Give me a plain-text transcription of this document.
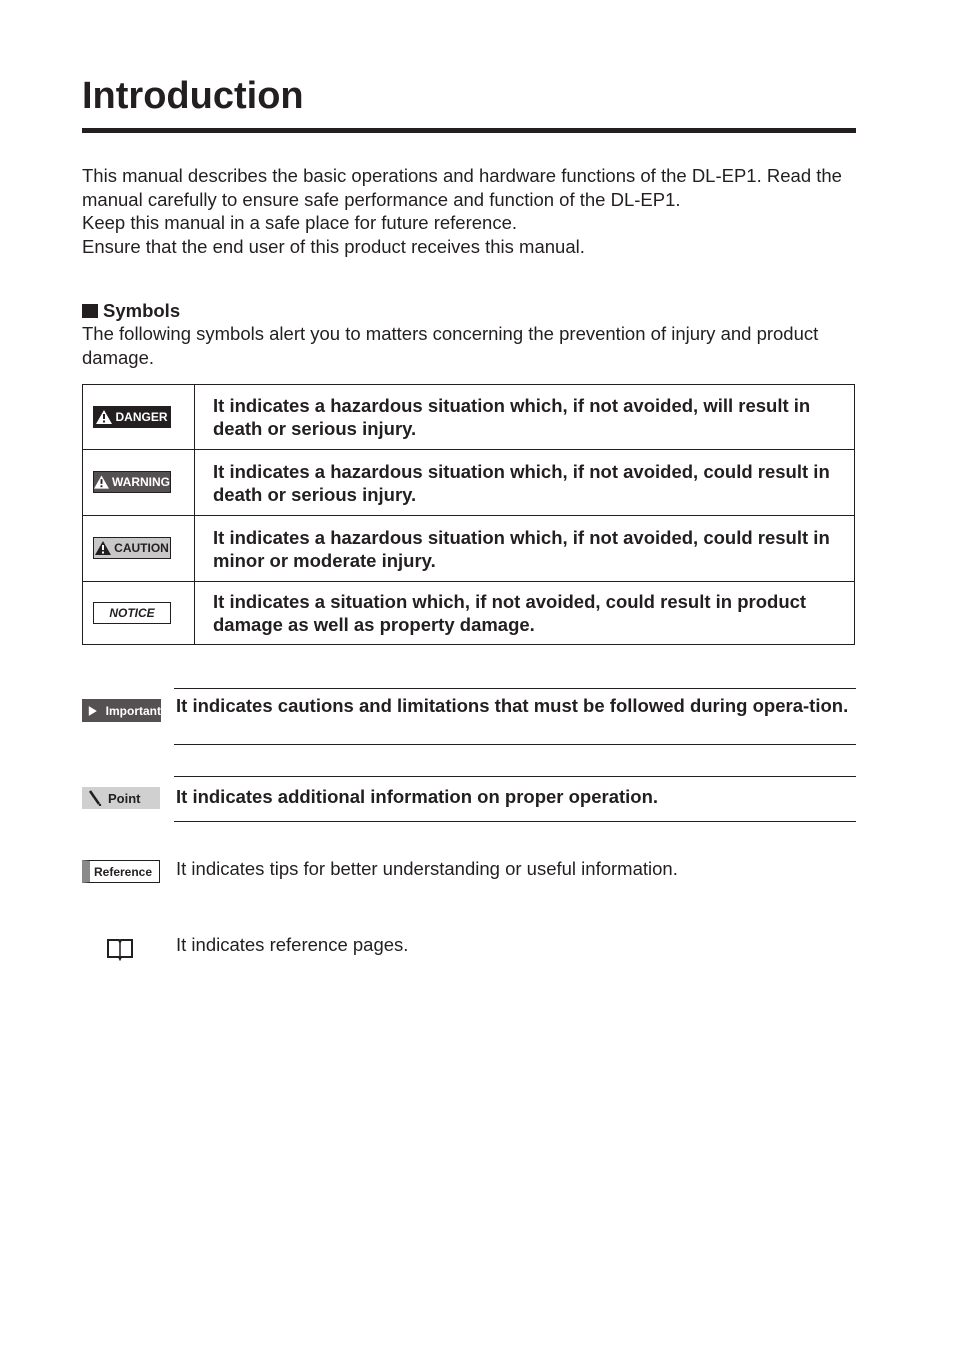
Introduction

This manual describes the basic operations and hardware functions of the DL-EP1. Read the manual carefully to ensure safe performance and function of the DL-EP1.

Keep this manual in a safe place for future reference.

Ensure that the end user of this product receives this manual.

Symbols
The following symbols alert you to matters concerning the prevention of injury and product damage.
DANGER	It indicates a hazardous situation which, if not avoided, will result in death or serious injury.

WARNING	It indicates a hazardous situation which, if not avoided, could result in death or serious injury.

CAUTION	It indicates a hazardous situation which, if not avoided, could result in minor or moderate injury.

NOTICE	It indicates a situation which, if not avoided, could result in product damage as well as property damage.
Important It indicates cautions and limitations that must be followed during opera-tion.
Point It indicates additional information on proper operation.
Reference It indicates tips for better understanding or useful information.
It indicates reference pages.
